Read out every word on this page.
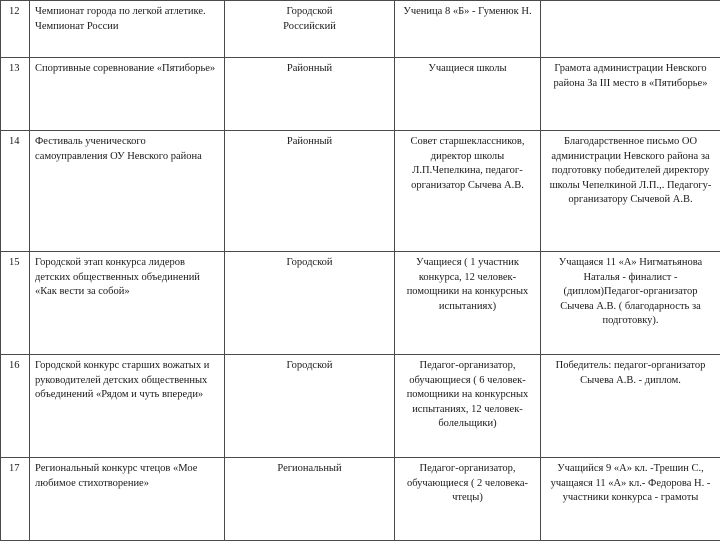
12	Чемпионат города по легкой атлетике. Чемпионат России	Городской Российский	Ученица 8 «Б» - Гуменюк Н.	
13	Спортивные соревнование «Пятиборье»	Районный	Учащиеся школы	Грамота администрации Невского района За III место в «Пятиборье»
14	Фестиваль ученического самоуправления ОУ Невского района	Районный	Совет старшеклассников, директор школы Л.П.Чепелкина, педагог-организатор Сычева А.В.	Благодарственное письмо ОО администрации Невского района за подготовку победителей директору школы Чепелкиной Л.П.,. Педагогу-организатору Сычевой А.В.
15	Городской этап конкурса лидеров детских общественных объединений «Как вести за собой»	Городской	Учащиеся ( 1 участник конкурса, 12 человек-помощники на конкурсных испытаниях)	Учащаяся 11 «А» Нигматьянова Наталья - финалист - (диплом)Педагог-организатор Сычева А.В. ( благодарность за подготовку).
16	Городской конкурс старших вожатых и руководителей детских общественных объединений «Рядом и чуть впереди»	Городской	Педагог-организатор, обучающиеся ( 6 человек-помощники на конкурсных испытаниях, 12 человек-болельщики)	Победитель: педагог-организатор Сычева А.В. - диплом.
17	Региональный конкурс чтецов «Мое любимое стихотворение»	Региональный	Педагог-организатор, обучающиеся ( 2 человека-чтецы)	Учащийся 9 «А» кл. -Трешин С., учащаяся 11 «А» кл.- Федорова Н. - участники конкурса - грамоты
